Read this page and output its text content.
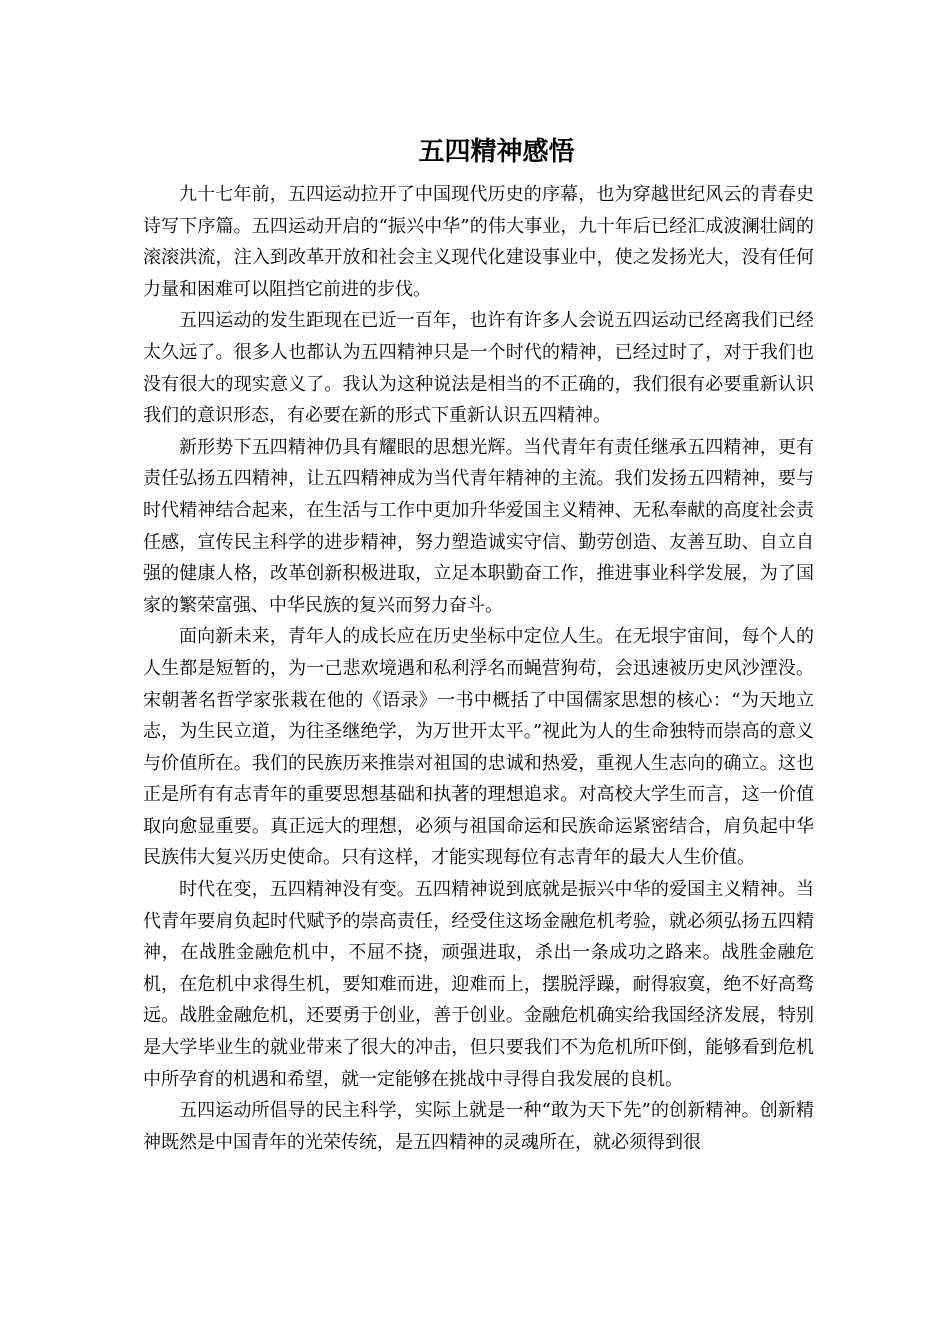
五四精神感悟

九十七年前，五四运动拉开了中国现代历史的序幕，也为穿越世纪风云的青春史诗写下序篇。五四运动开启的“振兴中华”的伟大事业，九十年后已经汇成波澜壮阔的滚滚洪流，注入到改革开放和社会主义现代化建设事业中，使之发扬光大，没有任何力量和困难可以阻挡它前进的步伐。

五四运动的发生距现在已近一百年，也许有许多人会说五四运动已经离我们已经太久远了。很多人也都认为五四精神只是一个时代的精神，已经过时了，对于我们也没有很大的现实意义了。我认为这种说法是相当的不正确的，我们很有必要重新认识我们的意识形态，有必要在新的形式下重新认识五四精神。

新形势下五四精神仍具有耀眼的思想光辉。当代青年有责任继承五四精神，更有责任弘扬五四精神，让五四精神成为当代青年精神的主流。我们发扬五四精神，要与时代精神结合起来，在生活与工作中更加升华爱国主义精神、无私奉献的高度社会责任感，宣传民主科学的进步精神，努力塑造诚实守信、勤劳创造、友善互助、自立自强的健康人格，改革创新积极进取，立足本职勤奋工作，推进事业科学发展，为了国家的繁荣富强、中华民族的复兴而努力奋斗。

面向新未来，青年人的成长应在历史坐标中定位人生。在无垠宇宙间，每个人的人生都是短暂的，为一己悲欢境遇和私利浮名而蝇营狗苟，会迅速被历史风沙湮没。宋朝著名哲学家张栽在他的《语录》一书中概括了中国儒家思想的核心：“为天地立志，为生民立道，为往圣继绝学，为万世开太平。”视此为人的生命独特而崇高的意义与价值所在。我们的民族历来推崇对祖国的忠诚和热爱，重视人生志向的确立。这也正是所有有志青年的重要思想基础和执著的理想追求。对高校大学生而言，这一价值取向愈显重要。真正远大的理想，必须与祖国命运和民族命运紧密结合，肩负起中华民族伟大复兴历史使命。只有这样，才能实现每位有志青年的最大人生价值。

时代在变，五四精神没有变。五四精神说到底就是振兴中华的爱国主义精神。当代青年要肩负起时代赋予的崇高责任，经受住这场金融危机考验，就必须弘扬五四精神，在战胜金融危机中，不屈不挠，顽强进取，杀出一条成功之路来。战胜金融危机，在危机中求得生机，要知难而进，迎难而上，摆脱浮躁，耐得寂寞，绝不好高骛远。战胜金融危机，还要勇于创业，善于创业。金融危机确实给我国经济发展，特别是大学毕业生的就业带来了很大的冲击，但只要我们不为危机所吓倒，能够看到危机中所孕育的机遇和希望，就一定能够在挑战中寻得自我发展的良机。

五四运动所倡导的民主科学，实际上就是一种“敢为天下先”的创新精神。创新精神既然是中国青年的光荣传统，是五四精神的灵魂所在，就必须得到很
